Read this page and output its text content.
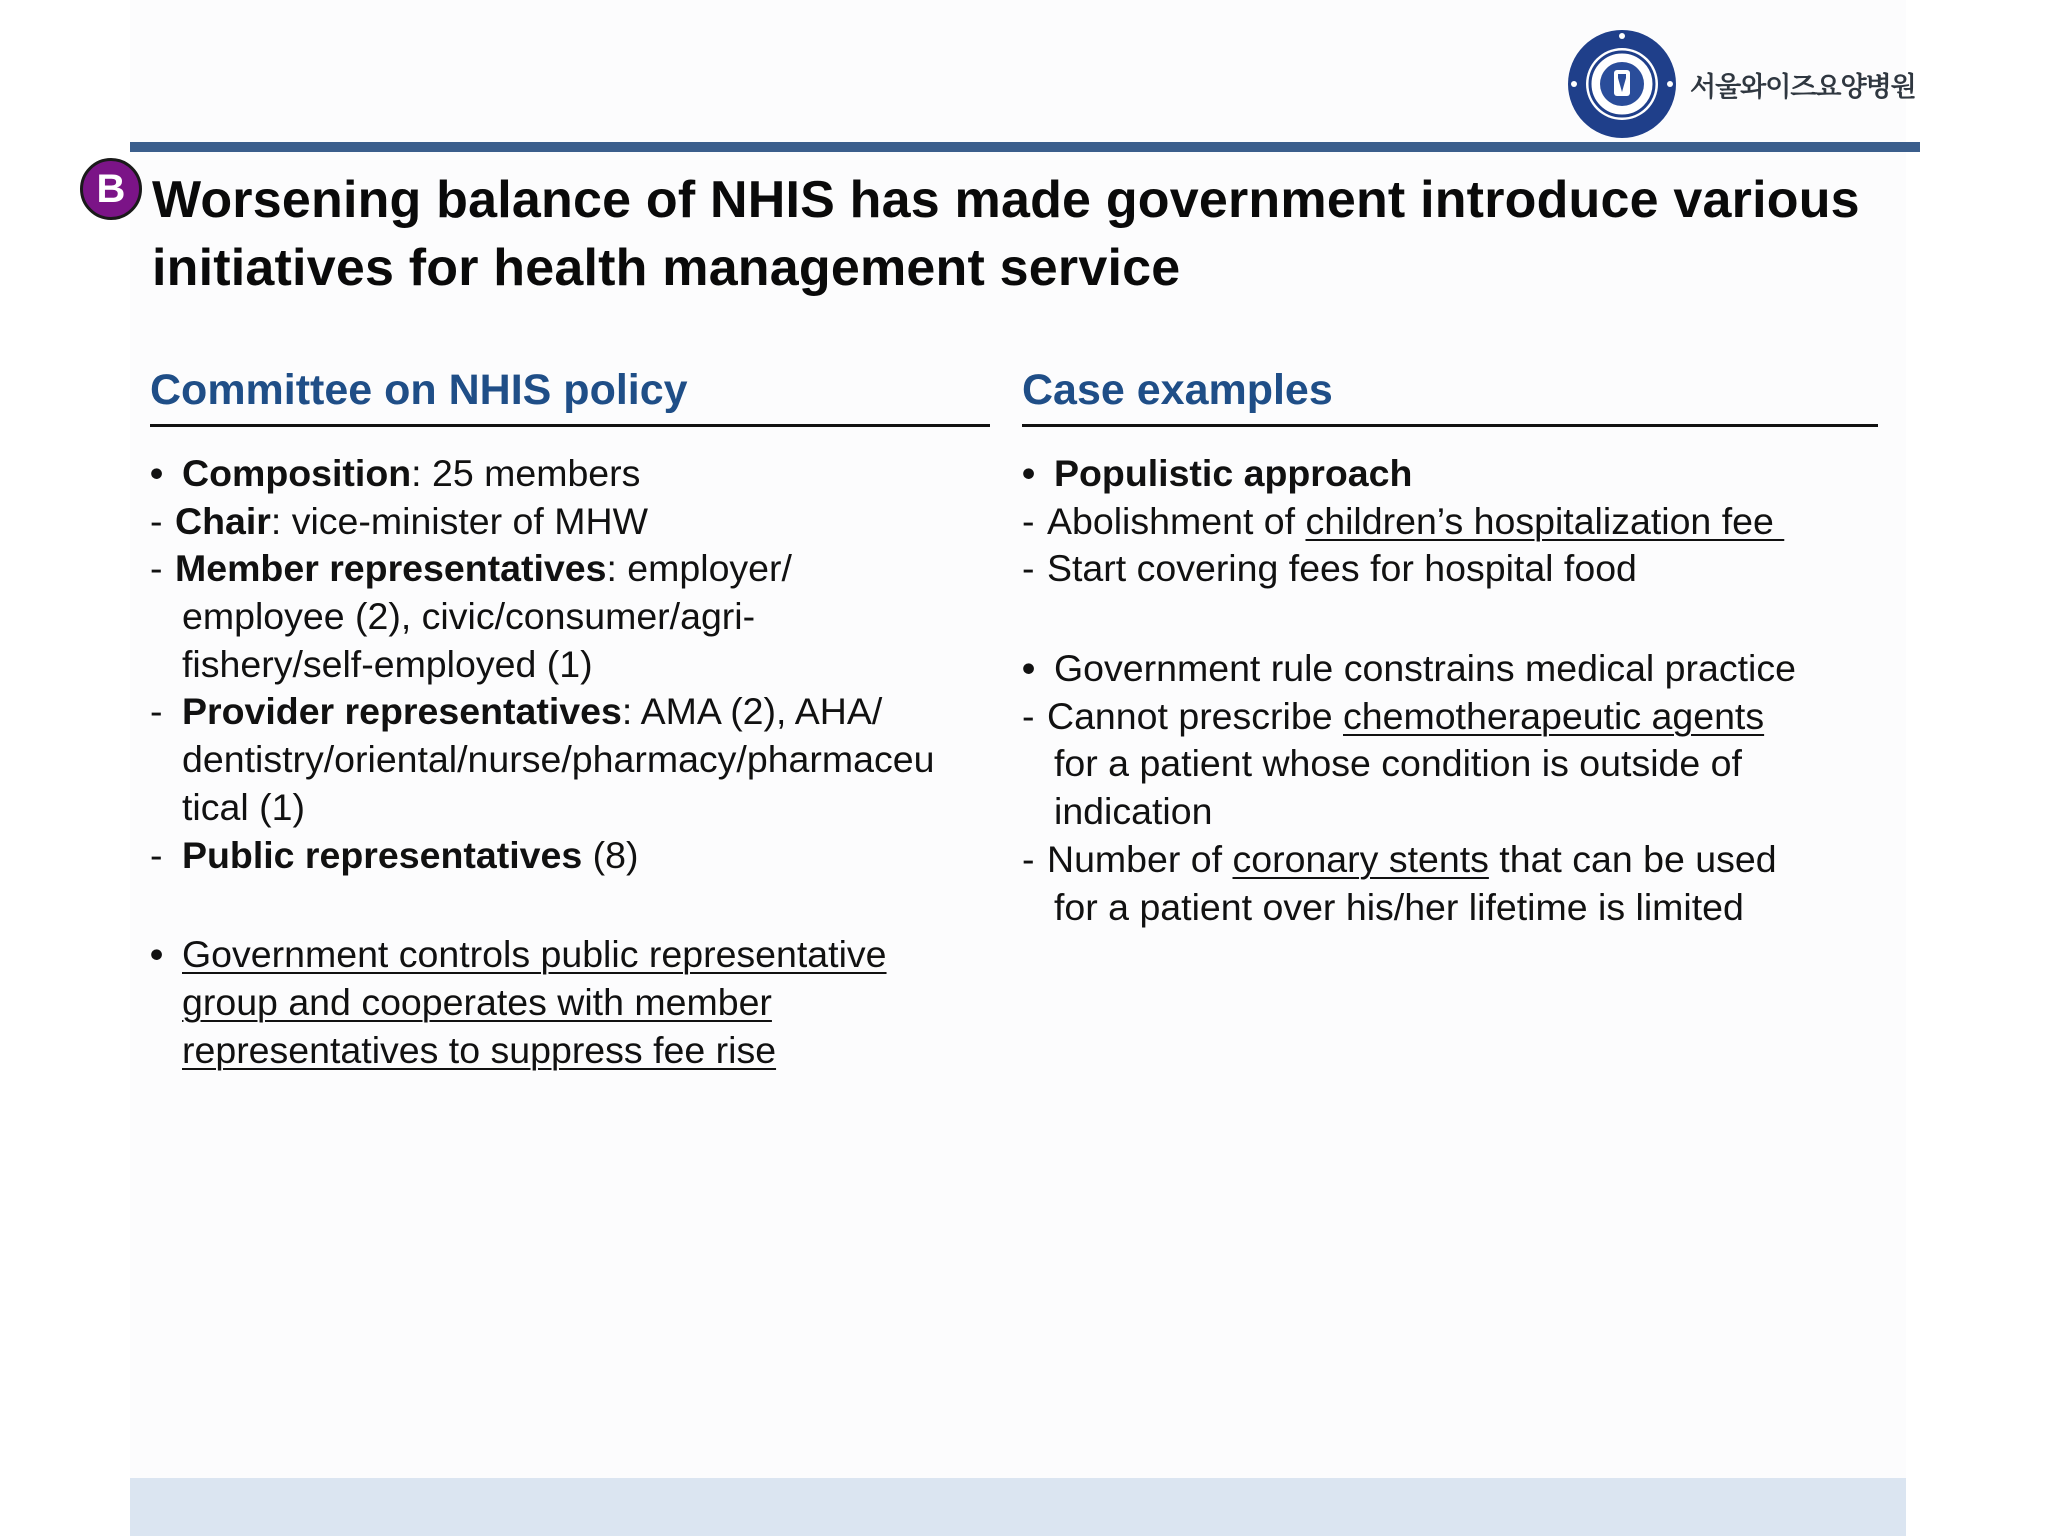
서울와이즈요양병원
B Worsening balance of NHIS has made government introduce various
initiatives for health management service
Committee on NHIS policy	Case examples
• Composition: 25 members
- Chair: vice-minister of MHW
- Member representatives: employer/
employee (2), civic/consumer/agri-
fishery/self-employed (1)
- Provider representatives: AMA (2), AHA/
dentistry/oriental/nurse/pharmacy/pharmaceu
tical (1)
- Public representatives (8)
• Government controls public representative
group and cooperates with member
representatives to suppress fee rise
• Populistic approach
- Abolishment of children’s hospitalization fee
- Start covering fees for hospital food
• Government rule constrains medical practice
- Cannot prescribe chemotherapeutic agents
for a patient whose condition is outside of
indication
- Number of coronary stents that can be used
for a patient over his/her lifetime is limited
